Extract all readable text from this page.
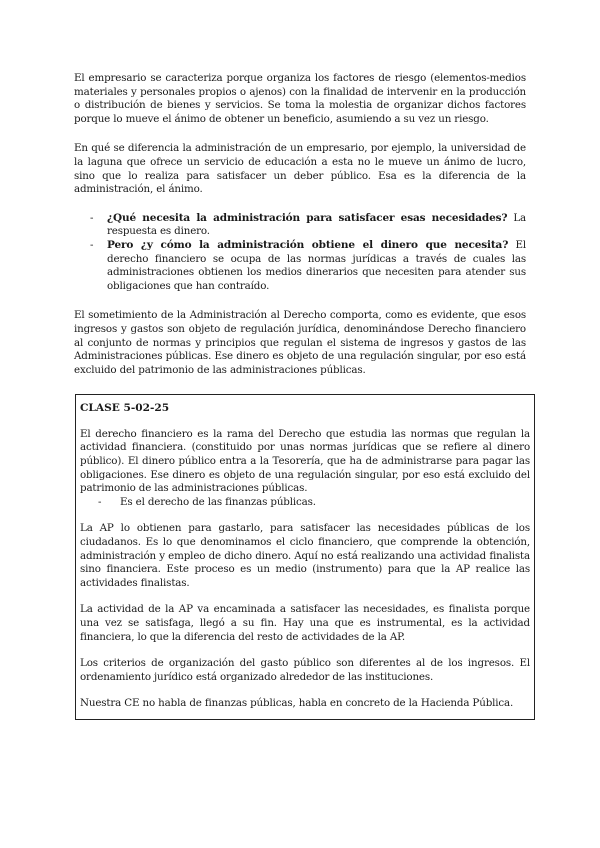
El empresario se caracteriza porque organiza los factores de riesgo (elementos-medios materiales y personales propios o ajenos) con la finalidad de intervenir en la producción o distribución de bienes y servicios. Se toma la molestia de organizar dichos factores porque lo mueve el ánimo de obtener un beneficio, asumiendo a su vez un riesgo.

En qué se diferencia la administración de un empresario, por ejemplo, la universidad de la laguna que ofrece un servicio de educación a esta no le mueve un ánimo de lucro, sino que lo realiza para satisfacer un deber público. Esa es la diferencia de la administración, el ánimo.

- ¿Qué necesita la administración para satisfacer esas necesidades? La respuesta es dinero.
- Pero ¿y cómo la administración obtiene el dinero que necesita? El derecho financiero se ocupa de las normas jurídicas a través de cuales las administraciones obtienen los medios dinerarios que necesiten para atender sus obligaciones que han contraído.

El sometimiento de la Administración al Derecho comporta, como es evidente, que esos ingresos y gastos son objeto de regulación jurídica, denominándose Derecho financiero al conjunto de normas y principios que regulan el sistema de ingresos y gastos de las Administraciones públicas. Ese dinero es objeto de una regulación singular, por eso está excluido del patrimonio de las administraciones públicas.

CLASE 5-02-25

El derecho financiero es la rama del Derecho que estudia las normas que regulan la actividad financiera. (constituido por unas normas jurídicas que se refiere al dinero público). El dinero público entra a la Tesorería, que ha de administrarse para pagar las obligaciones. Ese dinero es objeto de una regulación singular, por eso está excluido del patrimonio de las administraciones públicas.

- Es el derecho de las finanzas públicas.

La AP lo obtienen para gastarlo, para satisfacer las necesidades públicas de los ciudadanos. Es lo que denominamos el ciclo financiero, que comprende la obtención, administración y empleo de dicho dinero. Aquí no está realizando una actividad finalista sino financiera. Este proceso es un medio (instrumento) para que la AP realice las actividades finalistas.

La actividad de la AP va encaminada a satisfacer las necesidades, es finalista porque una vez se satisfaga, llegó a su fin. Hay una que es instrumental, es la actividad financiera, lo que la diferencia del resto de actividades de la AP.

Los criterios de organización del gasto público son diferentes al de los ingresos. El ordenamiento jurídico está organizado alrededor de las instituciones.

Nuestra CE no habla de finanzas públicas, habla en concreto de la Hacienda Pública.
